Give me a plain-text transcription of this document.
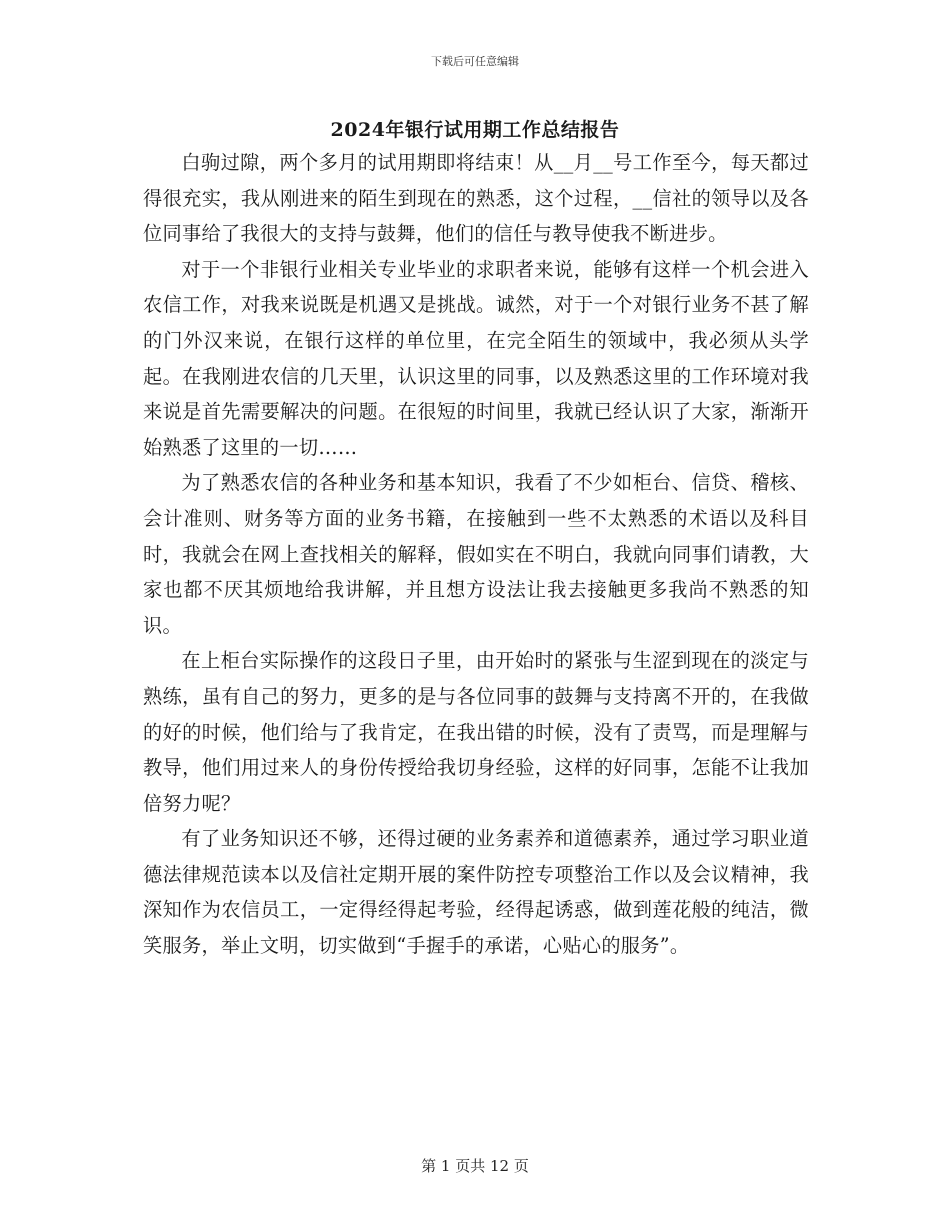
下载后可任意编辑
2024年银行试用期工作总结报告

白驹过隙，两个多月的试用期即将结束！从__月__号工作至今，每天都过得很充实，我从刚进来的陌生到现在的熟悉，这个过程，__信社的领导以及各位同事给了我很大的支持与鼓舞，他们的信任与教导使我不断进步。

对于一个非银行业相关专业毕业的求职者来说，能够有这样一个机会进入农信工作，对我来说既是机遇又是挑战。诚然，对于一个对银行业务不甚了解的门外汉来说，在银行这样的单位里，在完全陌生的领域中，我必须从头学起。在我刚进农信的几天里，认识这里的同事，以及熟悉这里的工作环境对我来说是首先需要解决的问题。在很短的时间里，我就已经认识了大家，渐渐开始熟悉了这里的一切……

为了熟悉农信的各种业务和基本知识，我看了不少如柜台、信贷、稽核、会计准则、财务等方面的业务书籍，在接触到一些不太熟悉的术语以及科目时，我就会在网上查找相关的解释，假如实在不明白，我就向同事们请教，大家也都不厌其烦地给我讲解，并且想方设法让我去接触更多我尚不熟悉的知识。

在上柜台实际操作的这段日子里，由开始时的紧张与生涩到现在的淡定与熟练，虽有自己的努力，更多的是与各位同事的鼓舞与支持离不开的，在我做的好的时候，他们给与了我肯定，在我出错的时候，没有了责骂，而是理解与教导，他们用过来人的身份传授给我切身经验，这样的好同事，怎能不让我加倍努力呢？

有了业务知识还不够，还得过硬的业务素养和道德素养，通过学习职业道德法律规范读本以及信社定期开展的案件防控专项整治工作以及会议精神，我深知作为农信员工，一定得经得起考验，经得起诱惑，做到莲花般的纯洁，微笑服务，举止文明，切实做到“手握手的承诺，心贴心的服务”。

第 1 页共 12 页
